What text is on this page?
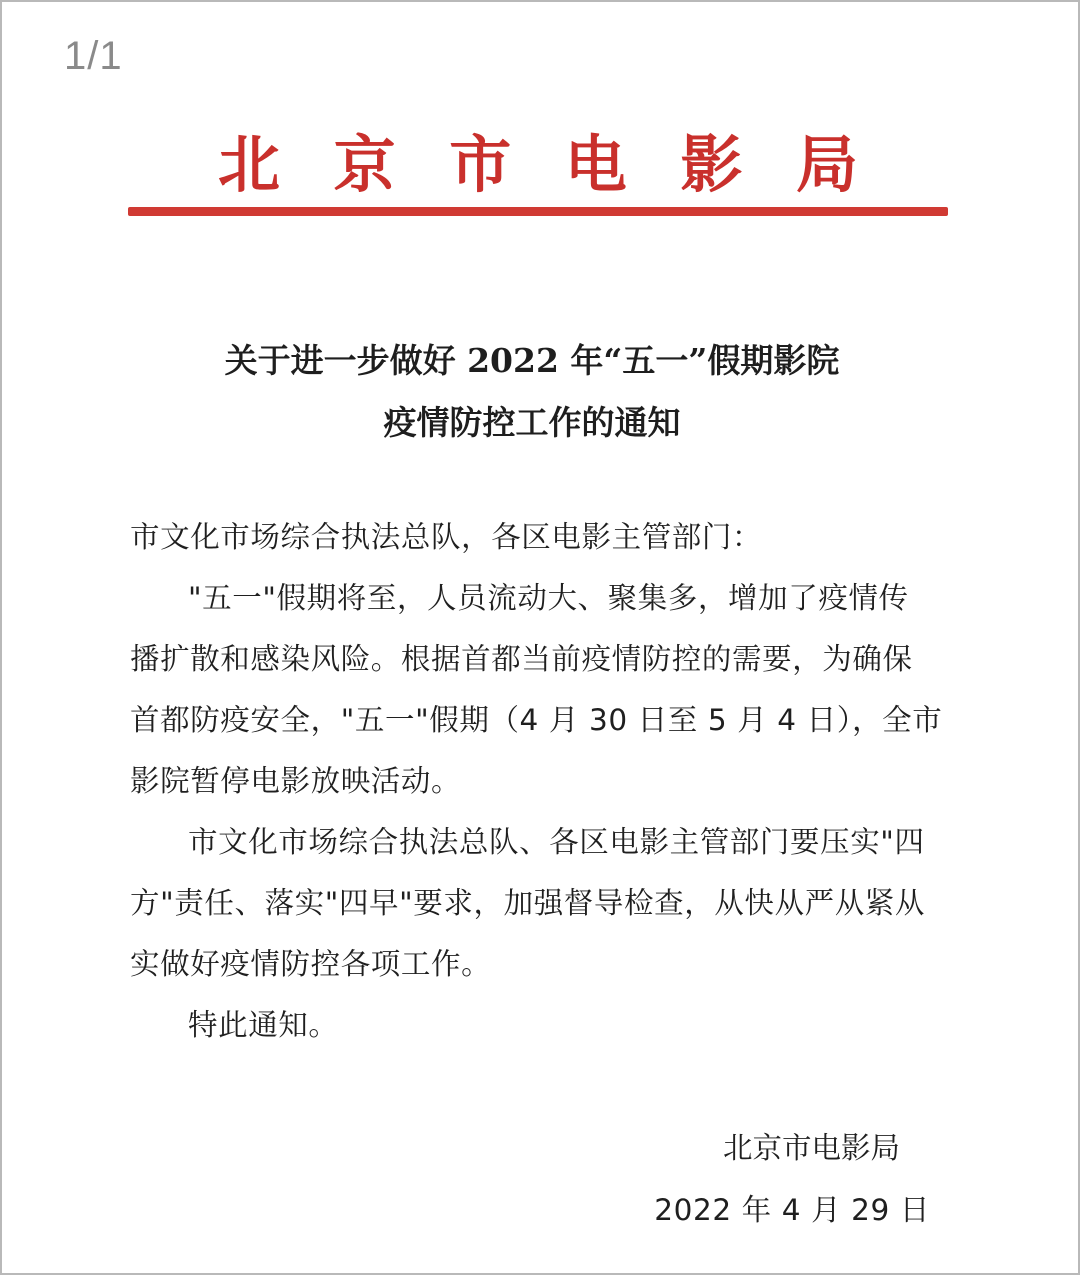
1/1
北 京 市 电 影 局
关于进一步做好 2022 年“五一”假期影院
疫情防控工作的通知
市文化市场综合执法总队，各区电影主管部门：
"五一"假期将至，人员流动大、聚集多，增加了疫情传
播扩散和感染风险。根据首都当前疫情防控的需要，为确保
首都防疫安全，"五一"假期（4 月 30 日至 5 月 4 日），全市
影院暂停电影放映活动。
市文化市场综合执法总队、各区电影主管部门要压实"四
方"责任、落实"四早"要求，加强督导检查，从快从严从紧从
实做好疫情防控各项工作。
特此通知。
北京市电影局
2022 年 4 月 29 日
